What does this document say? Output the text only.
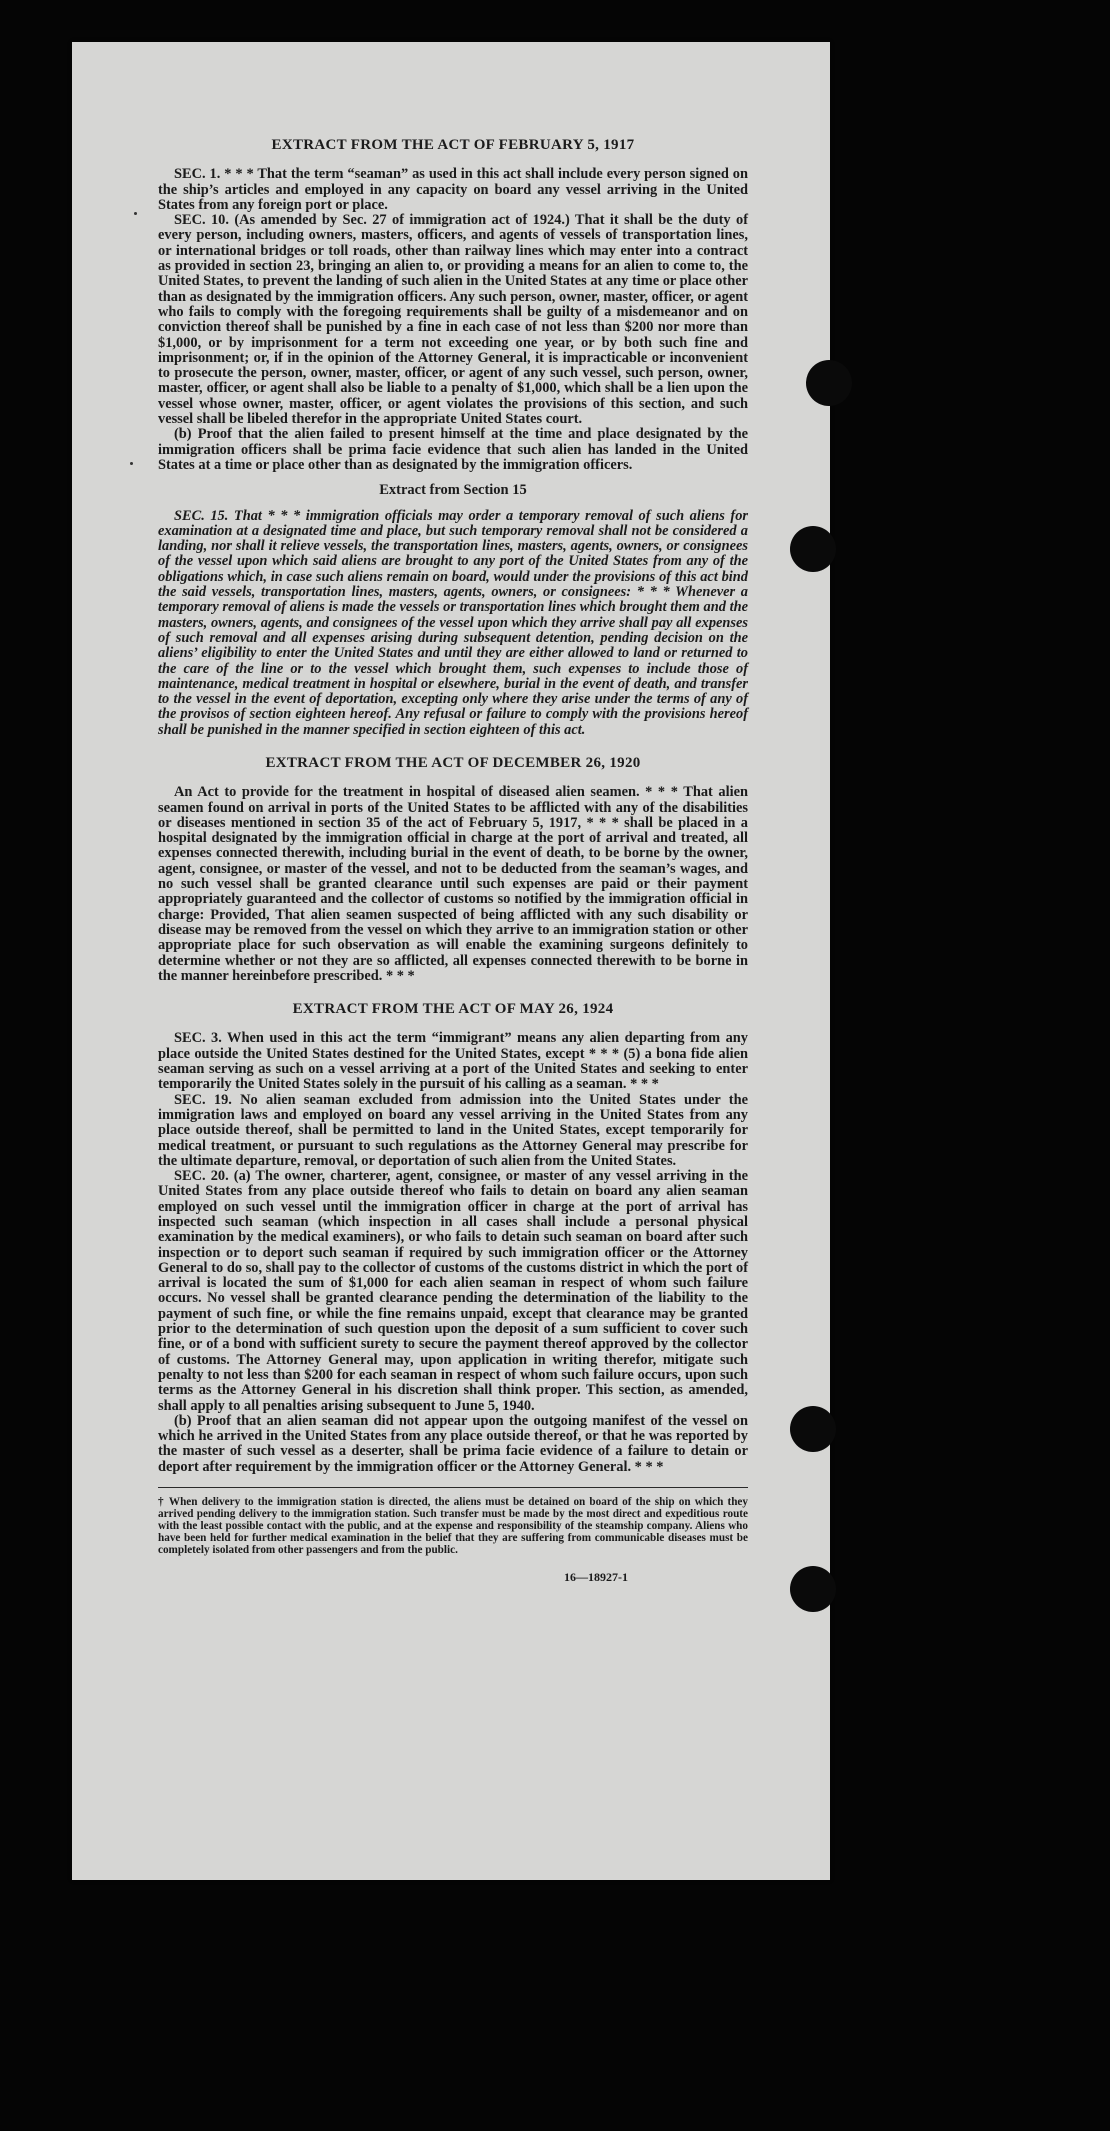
EXTRACT FROM THE ACT OF FEBRUARY 5, 1917

SEC. 1. * * * That the term “seaman” as used in this act shall include every person signed on the ship’s articles and employed in any capacity on board any vessel arriving in the United States from any foreign port or place.

SEC. 10. (As amended by Sec. 27 of immigration act of 1924.) That it shall be the duty of every person, including owners, masters, officers, and agents of vessels of transportation lines, or international bridges or toll roads, other than railway lines which may enter into a contract as provided in section 23, bringing an alien to, or providing a means for an alien to come to, the United States, to prevent the landing of such alien in the United States at any time or place other than as designated by the immigration officers. Any such person, owner, master, officer, or agent who fails to comply with the foregoing requirements shall be guilty of a misdemeanor and on conviction thereof shall be punished by a fine in each case of not less than $200 nor more than $1,000, or by imprisonment for a term not exceeding one year, or by both such fine and imprisonment; or, if in the opinion of the Attorney General, it is impracticable or inconvenient to prosecute the person, owner, master, officer, or agent of any such vessel, such person, owner, master, officer, or agent shall also be liable to a penalty of $1,000, which shall be a lien upon the vessel whose owner, master, officer, or agent violates the provisions of this section, and such vessel shall be libeled therefor in the appropriate United States court.

(b) Proof that the alien failed to present himself at the time and place designated by the immigration officers shall be prima facie evidence that such alien has landed in the United States at a time or place other than as designated by the immigration officers.

Extract from Section 15

SEC. 15. That * * * immigration officials may order a temporary removal of such aliens for examination at a designated time and place, but such temporary removal shall not be considered a landing, nor shall it relieve vessels, the transportation lines, masters, agents, owners, or consignees of the vessel upon which said aliens are brought to any port of the United States from any of the obligations which, in case such aliens remain on board, would under the provisions of this act bind the said vessels, transportation lines, masters, agents, owners, or consignees: * * * Whenever a temporary removal of aliens is made the vessels or transportation lines which brought them and the masters, owners, agents, and consignees of the vessel upon which they arrive shall pay all expenses of such removal and all expenses arising during subsequent detention, pending decision on the aliens’ eligibility to enter the United States and until they are either allowed to land or returned to the care of the line or to the vessel which brought them, such expenses to include those of maintenance, medical treatment in hospital or elsewhere, burial in the event of death, and transfer to the vessel in the event of deportation, excepting only where they arise under the terms of any of the provisos of section eighteen hereof. Any refusal or failure to comply with the provisions hereof shall be punished in the manner specified in section eighteen of this act.

EXTRACT FROM THE ACT OF DECEMBER 26, 1920

An Act to provide for the treatment in hospital of diseased alien seamen. * * * That alien seamen found on arrival in ports of the United States to be afflicted with any of the disabilities or diseases mentioned in section 35 of the act of February 5, 1917, * * * shall be placed in a hospital designated by the immigration official in charge at the port of arrival and treated, all expenses connected therewith, including burial in the event of death, to be borne by the owner, agent, consignee, or master of the vessel, and not to be deducted from the seaman’s wages, and no such vessel shall be granted clearance until such expenses are paid or their payment appropriately guaranteed and the collector of customs so notified by the immigration official in charge: Provided, That alien seamen suspected of being afflicted with any such disability or disease may be removed from the vessel on which they arrive to an immigration station or other appropriate place for such observation as will enable the examining surgeons definitely to determine whether or not they are so afflicted, all expenses connected therewith to be borne in the manner hereinbefore prescribed. * * *

EXTRACT FROM THE ACT OF MAY 26, 1924

SEC. 3. When used in this act the term “immigrant” means any alien departing from any place outside the United States destined for the United States, except * * * (5) a bona fide alien seaman serving as such on a vessel arriving at a port of the United States and seeking to enter temporarily the United States solely in the pursuit of his calling as a seaman. * * *

SEC. 19. No alien seaman excluded from admission into the United States under the immigration laws and employed on board any vessel arriving in the United States from any place outside thereof, shall be permitted to land in the United States, except temporarily for medical treatment, or pursuant to such regulations as the Attorney General may prescribe for the ultimate departure, removal, or deportation of such alien from the United States.

SEC. 20. (a) The owner, charterer, agent, consignee, or master of any vessel arriving in the United States from any place outside thereof who fails to detain on board any alien seaman employed on such vessel until the immigration officer in charge at the port of arrival has inspected such seaman (which inspection in all cases shall include a personal physical examination by the medical examiners), or who fails to detain such seaman on board after such inspection or to deport such seaman if required by such immigration officer or the Attorney General to do so, shall pay to the collector of customs of the customs district in which the port of arrival is located the sum of $1,000 for each alien seaman in respect of whom such failure occurs. No vessel shall be granted clearance pending the determination of the liability to the payment of such fine, or while the fine remains unpaid, except that clearance may be granted prior to the determination of such question upon the deposit of a sum sufficient to cover such fine, or of a bond with sufficient surety to secure the payment thereof approved by the collector of customs. The Attorney General may, upon application in writing therefor, mitigate such penalty to not less than $200 for each seaman in respect of whom such failure occurs, upon such terms as the Attorney General in his discretion shall think proper. This section, as amended, shall apply to all penalties arising subsequent to June 5, 1940.

(b) Proof that an alien seaman did not appear upon the outgoing manifest of the vessel on which he arrived in the United States from any place outside thereof, or that he was reported by the master of such vessel as a deserter, shall be prima facie evidence of a failure to detain or deport after requirement by the immigration officer or the Attorney General. * * *

† When delivery to the immigration station is directed, the aliens must be detained on board of the ship on which they arrived pending delivery to the immigration station. Such transfer must be made by the most direct and expeditious route with the least possible contact with the public, and at the expense and responsibility of the steamship company. Aliens who have been held for further medical examination in the belief that they are suffering from communicable diseases must be completely isolated from other passengers and from the public.
16—18927-1
